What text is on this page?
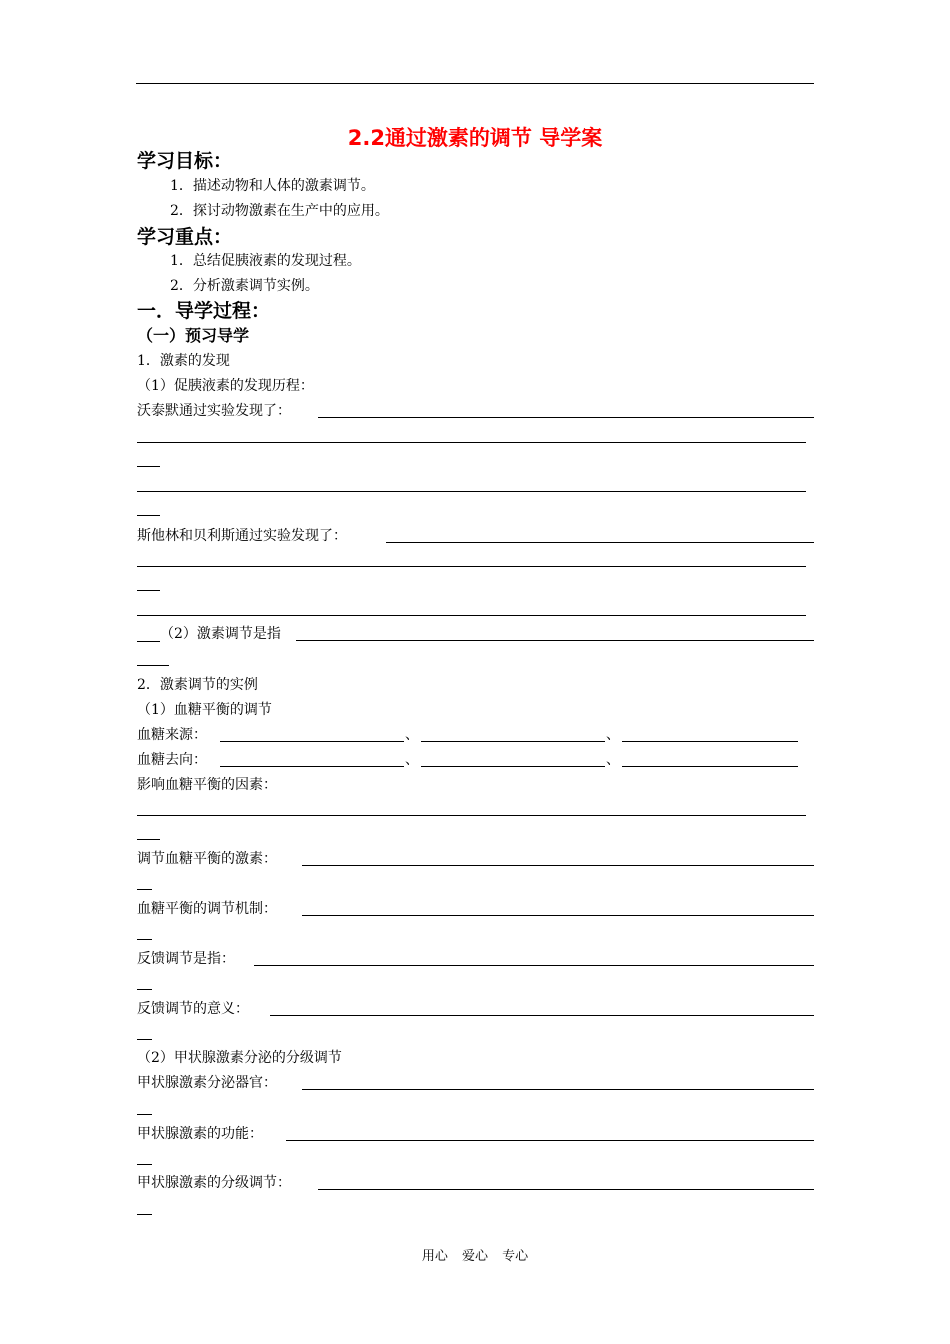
2.2通过激素的调节 导学案
学习目标：
1．描述动物和人体的激素调节。
2．探讨动物激素在生产中的应用。
学习重点：
1．总结促胰液素的发现过程。
2．分析激素调节实例。
一．导学过程：
（一）预习导学
1．激素的发现
（1）促胰液素的发现历程：
沃泰默通过实验发现了：
斯他林和贝利斯通过实验发现了：
（2）激素调节是指
2．激素调节的实例
（1）血糖平衡的调节
血糖来源：	、	、
血糖去向：	、	、
影响血糖平衡的因素：
调节血糖平衡的激素：
血糖平衡的调节机制：
反馈调节是指：
反馈调节的意义：
（2）甲状腺激素分泌的分级调节
甲状腺激素分泌器官：
甲状腺激素的功能：
甲状腺激素的分级调节：
用心 爱心 专心
